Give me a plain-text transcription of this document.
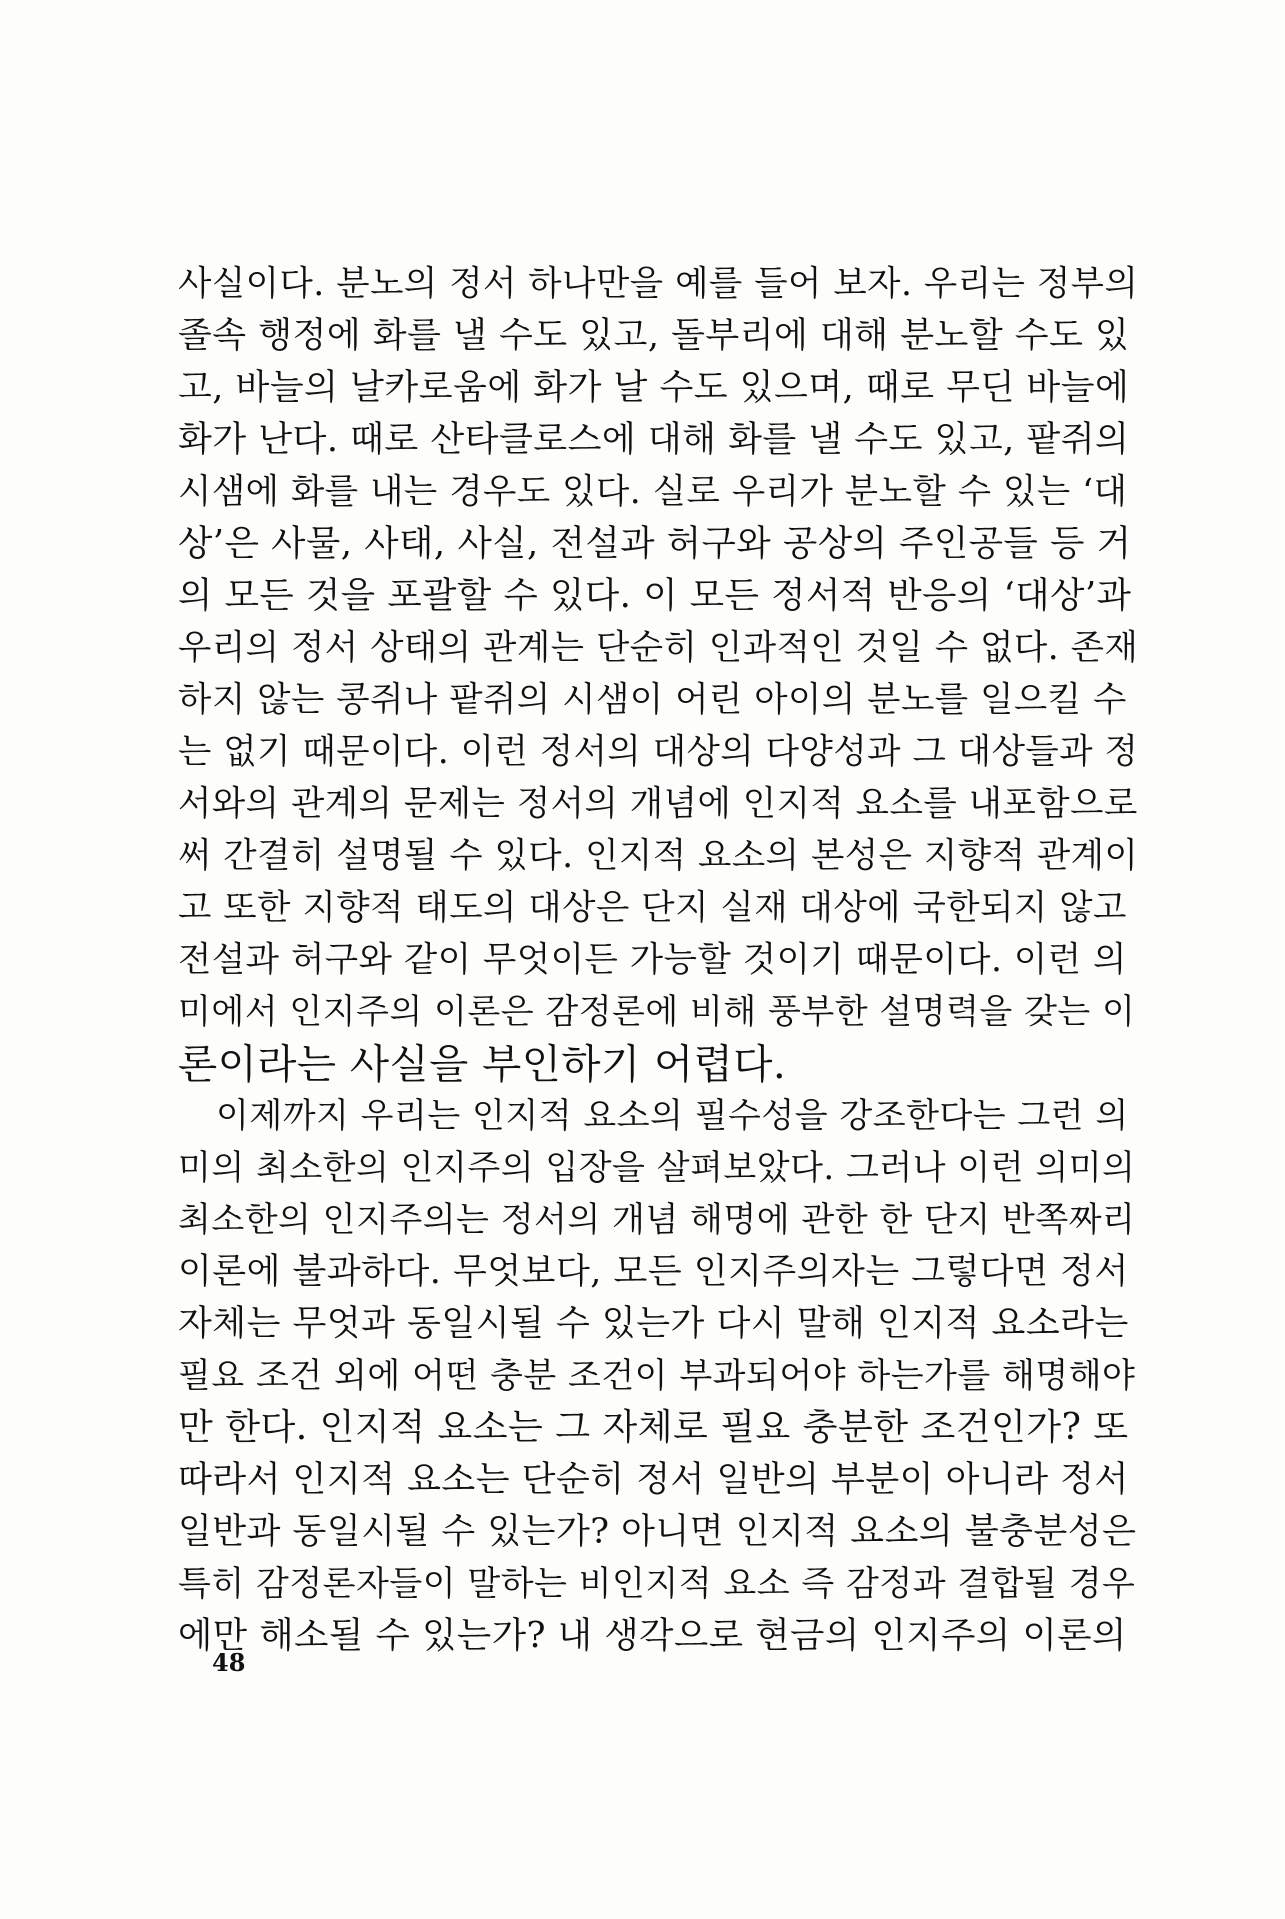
사실이다. 분노의 정서 하나만을 예를 들어 보자. 우리는 정부의
졸속 행정에 화를 낼 수도 있고, 돌부리에 대해 분노할 수도 있
고, 바늘의 날카로움에 화가 날 수도 있으며, 때로 무딘 바늘에
화가 난다. 때로 산타클로스에 대해 화를 낼 수도 있고, 팥쥐의
시샘에 화를 내는 경우도 있다. 실로 우리가 분노할 수 있는 ‘대
상’은 사물, 사태, 사실, 전설과 허구와 공상의 주인공들 등 거
의 모든 것을 포괄할 수 있다. 이 모든 정서적 반응의 ‘대상’과
우리의 정서 상태의 관계는 단순히 인과적인 것일 수 없다. 존재
하지 않는 콩쥐나 팥쥐의 시샘이 어린 아이의 분노를 일으킬 수
는 없기 때문이다. 이런 정서의 대상의 다양성과 그 대상들과 정
서와의 관계의 문제는 정서의 개념에 인지적 요소를 내포함으로
써 간결히 설명될 수 있다. 인지적 요소의 본성은 지향적 관계이
고 또한 지향적 태도의 대상은 단지 실재 대상에 국한되지 않고
전설과 허구와 같이 무엇이든 가능할 것이기 때문이다. 이런 의
미에서 인지주의 이론은 감정론에 비해 풍부한 설명력을 갖는 이
론이라는 사실을 부인하기 어렵다.
이제까지 우리는 인지적 요소의 필수성을 강조한다는 그런 의
미의 최소한의 인지주의 입장을 살펴보았다. 그러나 이런 의미의
최소한의 인지주의는 정서의 개념 해명에 관한 한 단지 반쪽짜리
이론에 불과하다. 무엇보다, 모든 인지주의자는 그렇다면 정서
자체는 무엇과 동일시될 수 있는가 다시 말해 인지적 요소라는
필요 조건 외에 어떤 충분 조건이 부과되어야 하는가를 해명해야
만 한다. 인지적 요소는 그 자체로 필요 충분한 조건인가? 또
따라서 인지적 요소는 단순히 정서 일반의 부분이 아니라 정서
일반과 동일시될 수 있는가? 아니면 인지적 요소의 불충분성은
특히 감정론자들이 말하는 비인지적 요소 즉 감정과 결합될 경우
에만 해소될 수 있는가? 내 생각으로 현금의 인지주의 이론의
48
